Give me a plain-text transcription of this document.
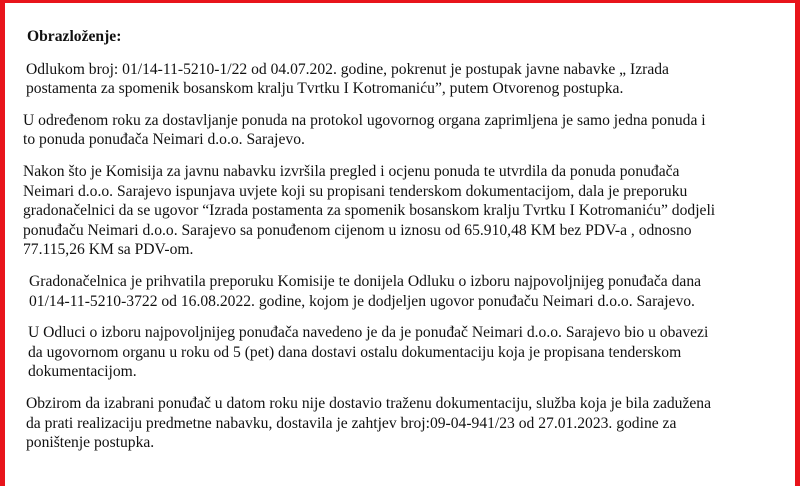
Obrazloženje:
Odlukom broj: 01/14-11-5210-1/22 od 04.07.202. godine, pokrenut je postupak javne nabavke „ Izrada
postamenta za spomenik bosanskom kralju Tvrtku I Kotromaniću”, putem Otvorenog postupka.
U određenom roku za dostavljanje ponuda na protokol ugovornog organa zaprimljena je samo jedna ponuda i
to ponuda ponuđača Neimari d.o.o. Sarajevo.
Nakon što je Komisija za javnu nabavku izvršila pregled i ocjenu ponuda te utvrdila da ponuda ponuđača
Neimari d.o.o. Sarajevo ispunjava uvjete koji su propisani tenderskom dokumentacijom, dala je preporuku
gradonačelnici da se ugovor “Izrada postamenta za spomenik bosanskom kralju Tvrtku I Kotromaniću” dodjeli
ponuđaču Neimari d.o.o. Sarajevo sa ponuđenom cijenom u iznosu od 65.910,48 KM bez PDV-a , odnosno
77.115,26 KM sa PDV-om.
Gradonačelnica je prihvatila preporuku Komisije te donijela Odluku o izboru najpovoljnijeg ponuđača dana
01/14-11-5210-3722 od 16.08.2022. godine, kojom je dodjeljen ugovor ponuđaču Neimari d.o.o. Sarajevo.
U Odluci o izboru najpovoljnijeg ponuđača navedeno je da je ponuđač Neimari d.o.o. Sarajevo bio u obavezi
da ugovornom organu u roku od 5 (pet) dana dostavi ostalu dokumentaciju koja je propisana tenderskom
dokumentacijom.
Obzirom da izabrani ponuđač u datom roku nije dostavio traženu dokumentaciju, služba koja je bila zadužena
da prati realizaciju predmetne nabavku, dostavila je zahtjev broj:09-04-941/23 od 27.01.2023. godine za
poništenje postupka.
